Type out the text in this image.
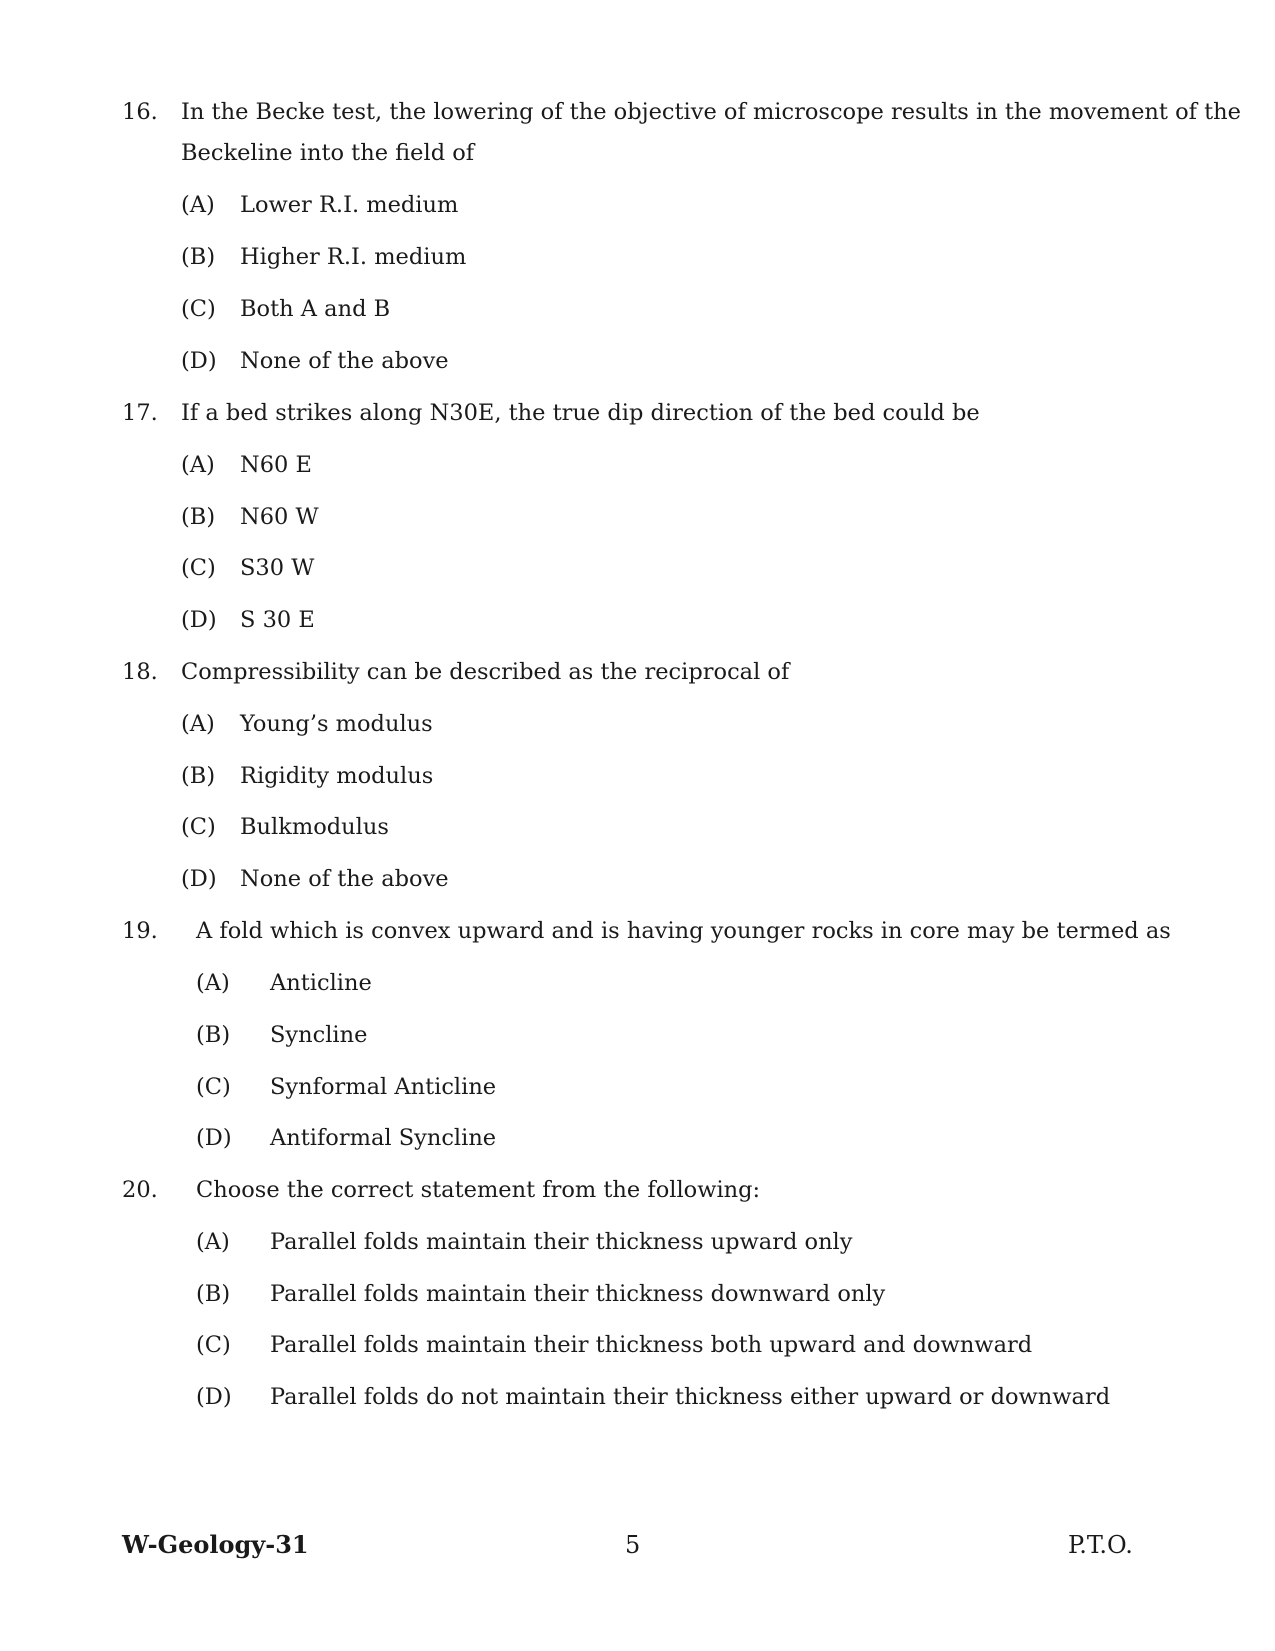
16. In the Becke test, the lowering of the objective of microscope results in the movement of the
Beckeline into the field of
(A) Lower R.I. medium
(B) Higher R.I. medium
(C) Both A and B
(D) None of the above
17. If a bed strikes along N30E, the true dip direction of the bed could be
(A) N60 E
(B) N60 W
(C) S30 W
(D) S 30 E
18. Compressibility can be described as the reciprocal of
(A) Young’s modulus
(B) Rigidity modulus
(C) Bulkmodulus
(D) None of the above
19. A fold which is convex upward and is having younger rocks in core may be termed as
(A) Anticline
(B) Syncline
(C) Synformal Anticline
(D) Antiformal Syncline
20. Choose the correct statement from the following:
(A) Parallel folds maintain their thickness upward only
(B) Parallel folds maintain their thickness downward only
(C) Parallel folds maintain their thickness both upward and downward
(D) Parallel folds do not maintain their thickness either upward or downward
W-Geology-31	5	P.T.O.
